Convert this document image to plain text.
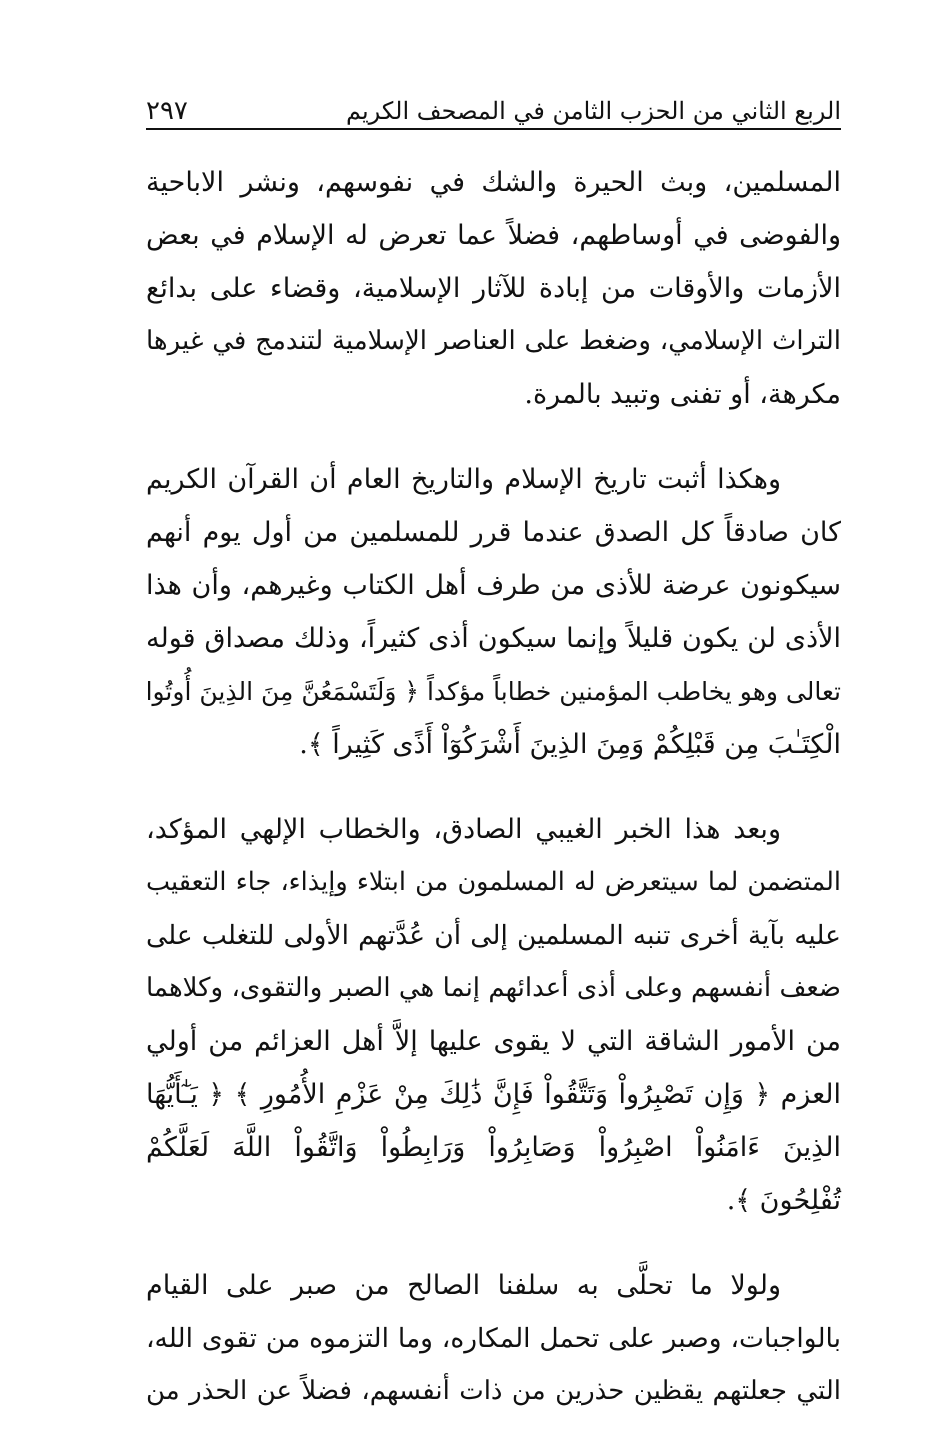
الربع الثاني من الحزب الثامن في المصحف الكريم
٢٩٧
المسلمين، وبث الحيرة والشك في نفوسهم، ونشر الاباحية
والفوضى في أوساطهم، فضلاً عما تعرض له الإسلام في بعض
الأزمات والأوقات من إبادة للآثار الإسلامية، وقضاء على بدائع
التراث الإسلامي، وضغط على العناصر الإسلامية لتندمج في غيرها
مكرهة، أو تفنى وتبيد بالمرة.
وهكذا أثبت تاريخ الإسلام والتاريخ العام أن القرآن الكريم
كان صادقاً كل الصدق عندما قرر للمسلمين من أول يوم أنهم
سيكونون عرضة للأذى من طرف أهل الكتاب وغيرهم، وأن هذا
الأذى لن يكون قليلاً وإنما سيكون أذى كثيراً، وذلك مصداق قوله
تعالى وهو يخاطب المؤمنين خطاباً مؤكداً ﴿ وَلَتَسْمَعُنَّ مِنَ الذِينَ أُوتُوا
الْكِتَـٰبَ مِن قَبْلِكُمْ وَمِنَ الذِينَ أَشْرَكُوٓاْ أَذًى كَثِيراً ﴾.
وبعد هذا الخبر الغيبي الصادق، والخطاب الإلهي المؤكد،
المتضمن لما سيتعرض له المسلمون من ابتلاء وإيذاء، جاء التعقيب
عليه بآية أخرى تنبه المسلمين إلى أن عُدَّتهم الأولى للتغلب على
ضعف أنفسهم وعلى أذى أعدائهم إنما هي الصبر والتقوى، وكلاهما
من الأمور الشاقة التي لا يقوى عليها إلاَّ أهل العزائم من أولي
العزم ﴿ وَإِن تَصْبِرُواْ وَتَتَّقُواْ فَإِنَّ ذَٰلِكَ مِنْ عَزْمِ الأُمُورِ ﴾ ﴿ يَـٰٓأَيُّهَا
الذِينَ ءَامَنُواْ اصْبِرُواْ وَصَابِرُواْ وَرَابِطُواْ وَاتَّقُواْ اللَّهَ لَعَلَّكُمْ
تُفْلِحُونَ ﴾.
ولولا ما تحلَّى به سلفنا الصالح من صبر على القيام
بالواجبات، وصبر على تحمل المكاره، وما التزموه من تقوى الله،
التي جعلتهم يقظين حذرين من ذات أنفسهم، فضلاً عن الحذر من
